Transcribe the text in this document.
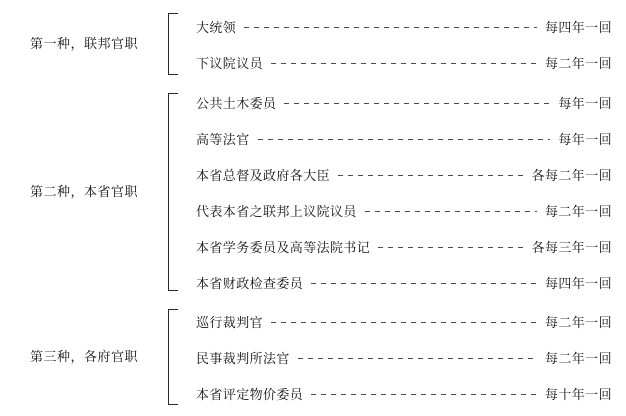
第一种，联邦官职
大统领	每四年一回
下议院议员	每二年一回
第二种，本省官职
公共土木委员	每年一回
高等法官	每年一回
本省总督及政府各大臣	各每二年一回
代表本省之联邦上议院议员	每二年一回
本省学务委员及高等法院书记	各每三年一回
本省财政检查委员	每四年一回
第三种，各府官职
巡行裁判官	每二年一回
民事裁判所法官	每二年一回
本省评定物价委员	每十年一回
